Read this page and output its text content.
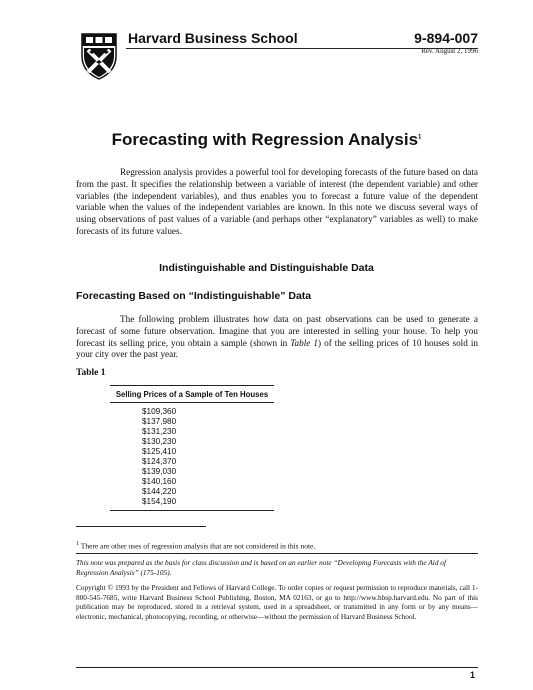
Harvard Business School	9-894-007
Rev. August 2, 1996
Forecasting with Regression Analysis$^1$
Regression analysis provides a powerful tool for developing forecasts of the future based on data from the past. It specifies the relationship between a variable of interest (the dependent variable) and other variables (the independent variables), and thus enables you to forecast a future value of the dependent variable when the values of the independent variables are known. In this note we discuss several ways of using observations of past values of a variable (and perhaps other “explanatory” variables as well) to make forecasts of its future values.
Indistinguishable and Distinguishable Data
Forecasting Based on “Indistinguishable” Data
The following problem illustrates how data on past observations can be used to generate a forecast of some future observation. Imagine that you are interested in selling your house. To help you forecast its selling price, you obtain a sample (shown in Table 1) of the selling prices of 10 houses sold in your city over the past year.
Table 1
Selling Prices of a Sample of Ten Houses
$109,360
$137,980
$131,230
$130,230
$125,410
$124,370
$139,030
$140,160
$144,220
$154,190
$^1$ There are other uses of regression analysis that are not considered in this note.
This note was prepared as the basis for class discussion and is based on an earlier note “Developing Forecasts with the Aid of Regression Analysis” (175-105).
Copyright © 1993 by the President and Fellows of Harvard College. To order copies or request permission to reproduce materials, call 1-800-545-7685, write Harvard Business School Publishing, Boston, MA 02163, or go to http://www.hbsp.harvard.edu. No part of this publication may be reproduced, stored in a retrieval system, used in a spreadsheet, or transmitted in any form or by any means—electronic, mechanical, photocopying, recording, or otherwise—without the permission of Harvard Business School.
1
